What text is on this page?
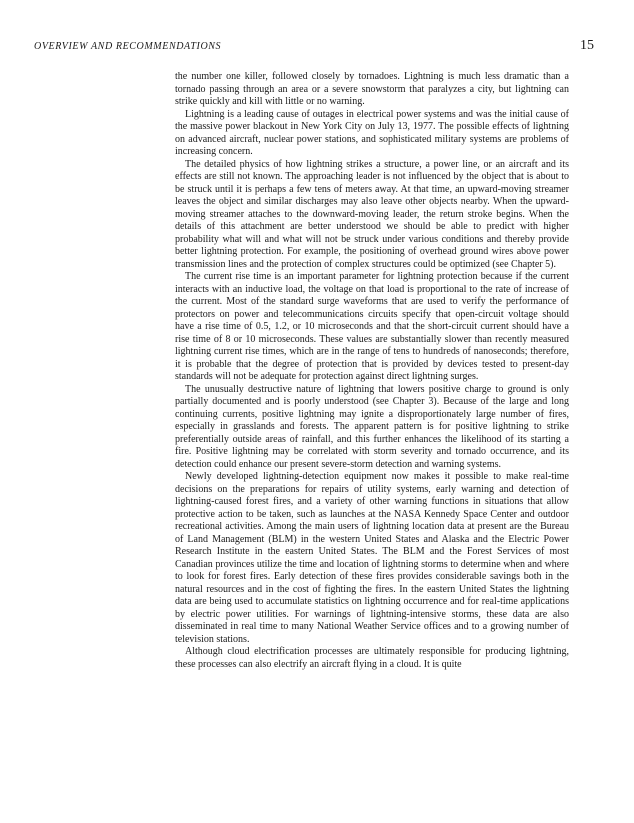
OVERVIEW AND RECOMMENDATIONS	15

the number one killer, followed closely by tornadoes. Lightning is much less dramatic than a tornado passing through an area or a severe snowstorm that paralyzes a city, but lightning can strike quickly and kill with little or no warning.

Lightning is a leading cause of outages in electrical power systems and was the initial cause of the massive power blackout in New York City on July 13, 1977. The possible effects of lightning on advanced aircraft, nuclear power stations, and sophisticated military systems are problems of increasing concern.

The detailed physics of how lightning strikes a structure, a power line, or an aircraft and its effects are still not known. The approaching leader is not influenced by the object that is about to be struck until it is perhaps a few tens of meters away. At that time, an upward-moving streamer leaves the object and similar discharges may also leave other objects nearby. When the upward-moving streamer attaches to the downward-moving leader, the return stroke begins. When the details of this attachment are better understood we should be able to predict with higher probability what will and what will not be struck under various conditions and thereby provide better lightning protection. For example, the positioning of overhead ground wires above power transmission lines and the protection of complex structures could be optimized (see Chapter 5).

The current rise time is an important parameter for lightning protection because if the current interacts with an inductive load, the voltage on that load is proportional to the rate of increase of the current. Most of the standard surge waveforms that are used to verify the performance of protectors on power and telecommunications circuits specify that open-circuit voltage should have a rise time of 0.5, 1.2, or 10 microseconds and that the short-circuit current should have a rise time of 8 or 10 microseconds. These values are substantially slower than recently measured lightning current rise times, which are in the range of tens to hundreds of nanoseconds; therefore, it is probable that the degree of protection that is provided by devices tested to present-day standards will not be adequate for protection against direct lightning surges.

The unusually destructive nature of lightning that lowers positive charge to ground is only partially documented and is poorly understood (see Chapter 3). Because of the large and long continuing currents, positive lightning may ignite a disproportionately large number of fires, especially in grasslands and forests. The apparent pattern is for positive lightning to strike preferentially outside areas of rainfall, and this further enhances the likelihood of its starting a fire. Positive lightning may be correlated with storm severity and tornado occurrence, and its detection could enhance our present severe-storm detection and warning systems.

Newly developed lightning-detection equipment now makes it possible to make real-time decisions on the preparations for repairs of utility systems, early warning and detection of lightning-caused forest fires, and a variety of other warning functions in situations that allow protective action to be taken, such as launches at the NASA Kennedy Space Center and outdoor recreational activities. Among the main users of lightning location data at present are the Bureau of Land Management (BLM) in the western United States and Alaska and the Electric Power Research Institute in the eastern United States. The BLM and the Forest Services of most Canadian provinces utilize the time and location of lightning storms to determine when and where to look for forest fires. Early detection of these fires provides considerable savings both in the natural resources and in the cost of fighting the fires. In the eastern United States the lightning data are being used to accumulate statistics on lightning occurrence and for real-time applications by electric power utilities. For warnings of lightning-intensive storms, these data are also disseminated in real time to many National Weather Service offices and to a growing number of television stations.

Although cloud electrification processes are ultimately responsible for producing lightning, these processes can also electrify an aircraft flying in a cloud. It is quite
